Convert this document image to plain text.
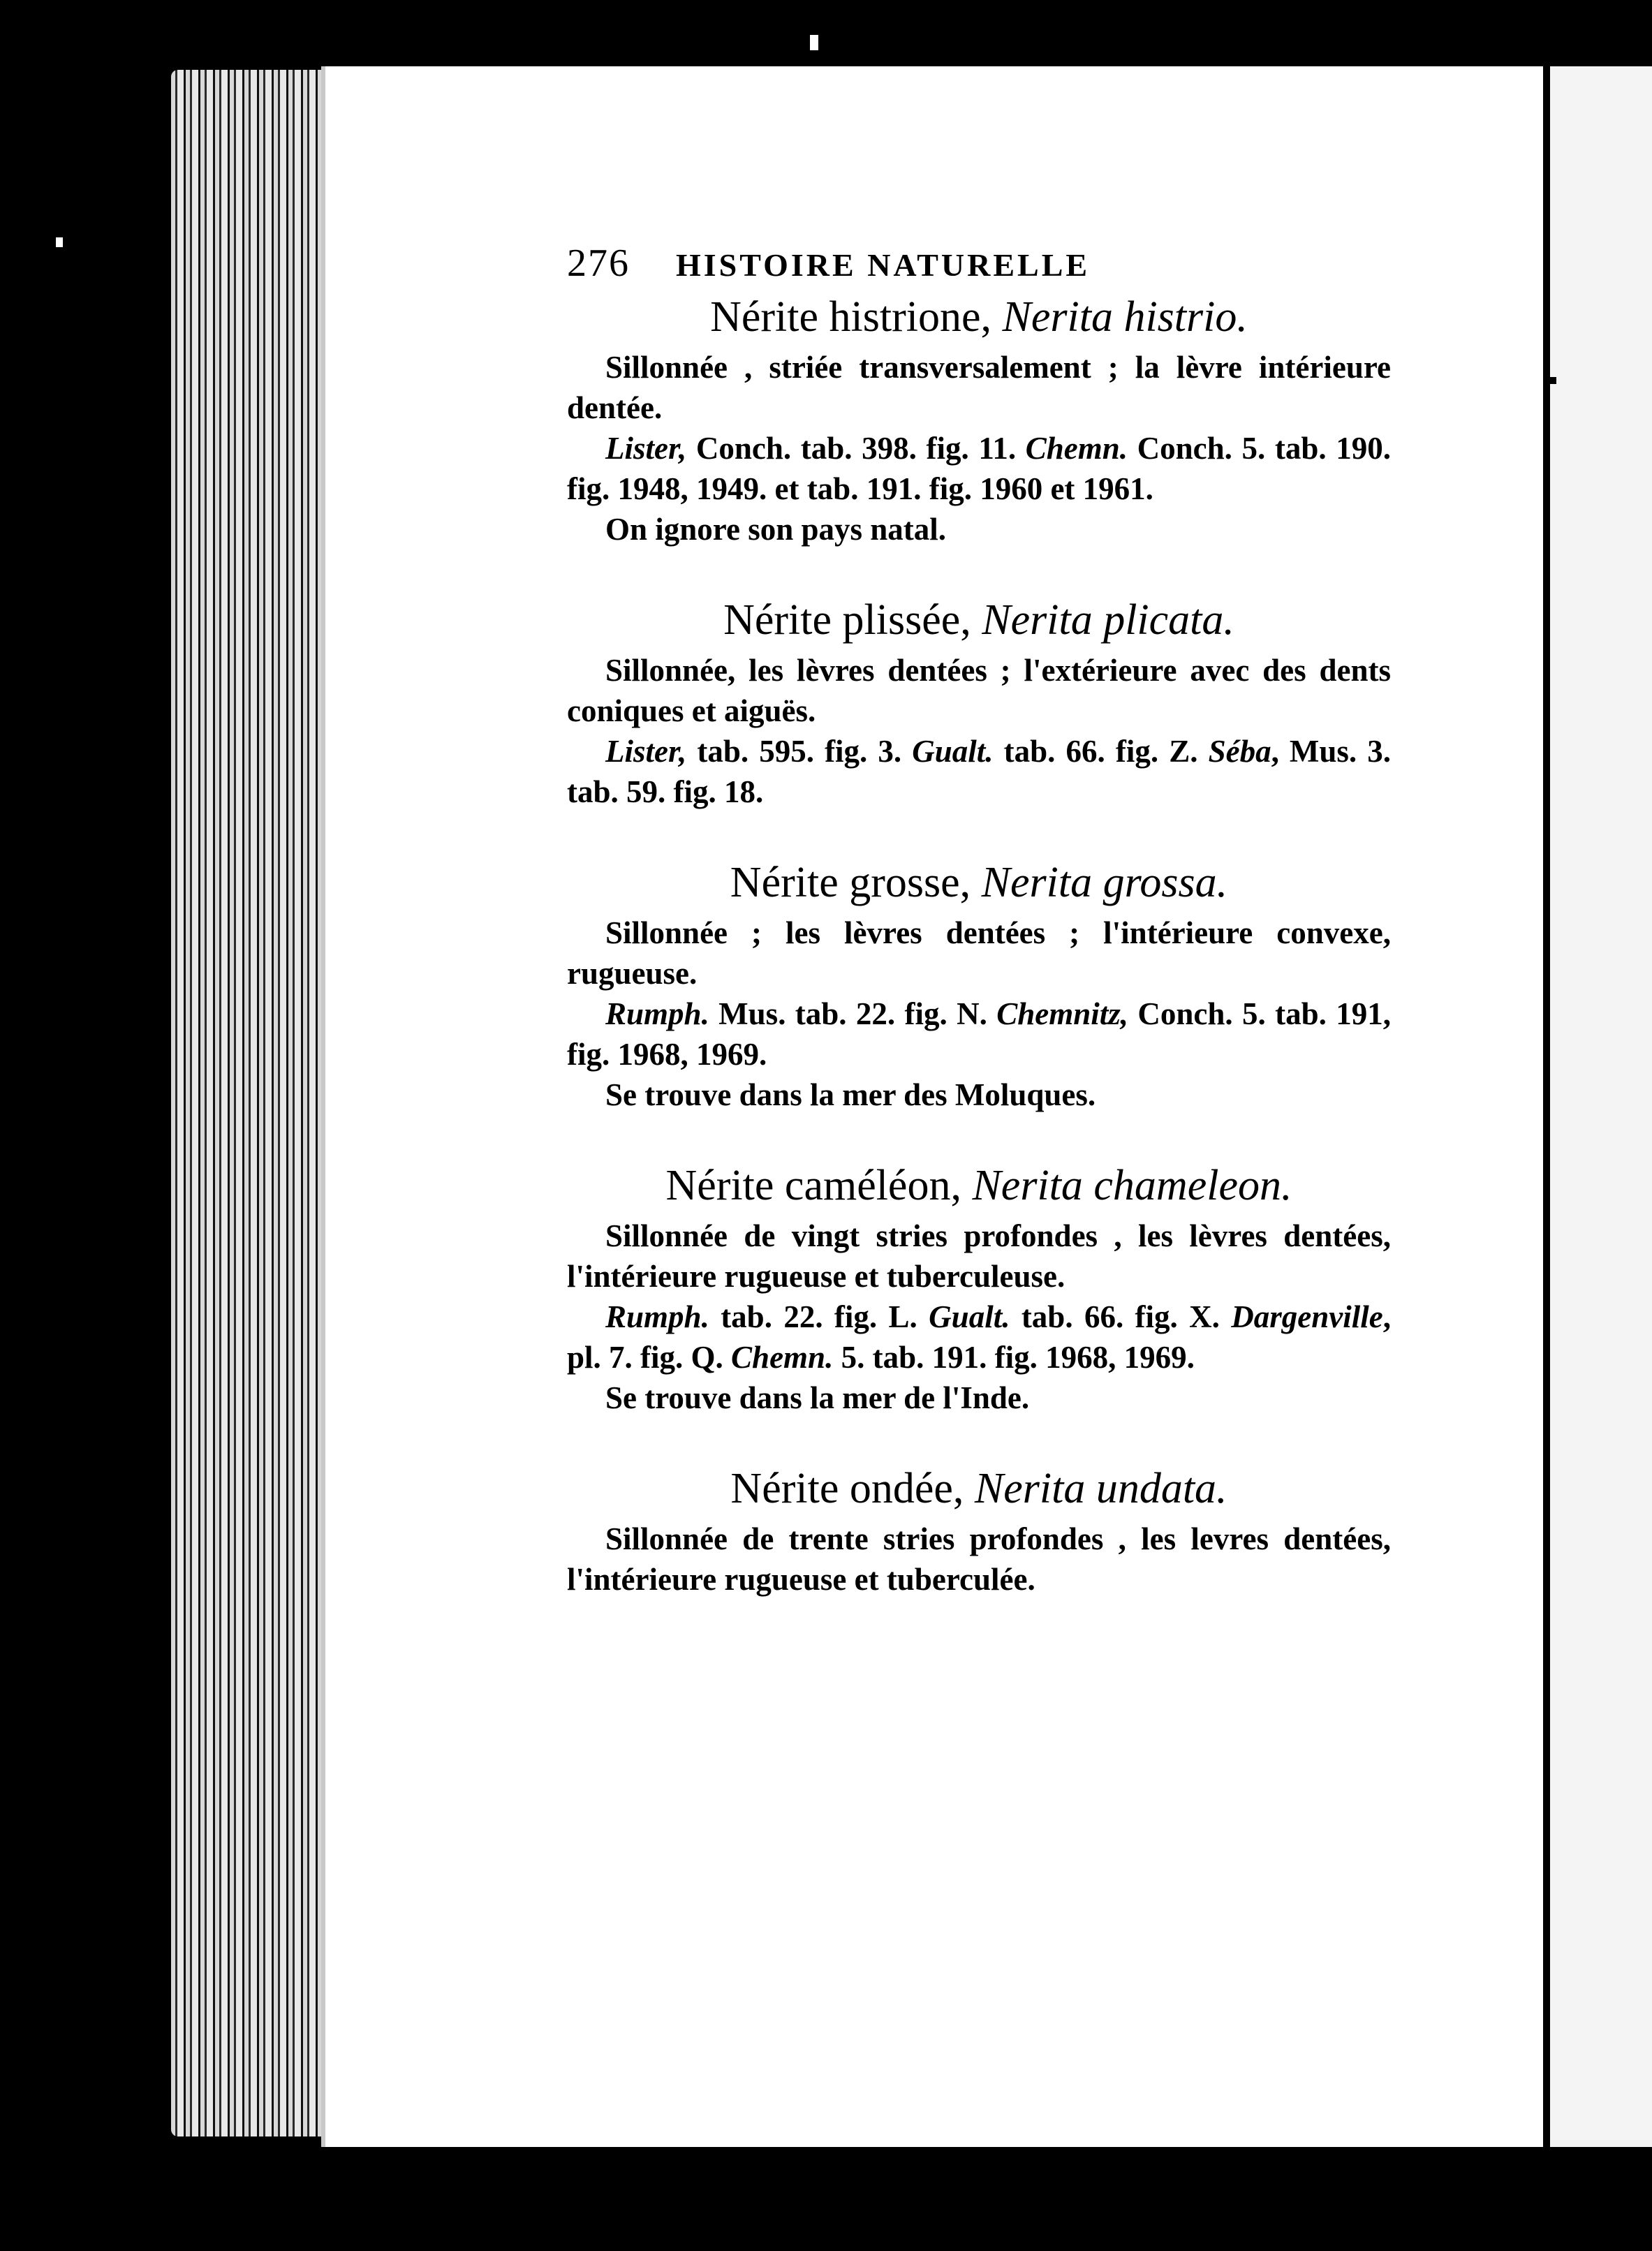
276	HISTOIRE NATURELLE
Nérite histrione, Nerita histrio.

Sillonnée , striée transversalement ; la lèvre intérieure dentée.

Lister, Conch. tab. 398. fig. 11. Chemn. Conch. 5. tab. 190. fig. 1948, 1949. et tab. 191. fig. 1960 et 1961.

On ignore son pays natal.

Nérite plissée, Nerita plicata.

Sillonnée, les lèvres dentées ; l'extérieure avec des dents coniques et aiguës.

Lister, tab. 595. fig. 3. Gualt. tab. 66. fig. Z. Séba, Mus. 3. tab. 59. fig. 18.

Nérite grosse, Nerita grossa.

Sillonnée ; les lèvres dentées ; l'intérieure convexe, rugueuse.

Rumph. Mus. tab. 22. fig. N. Chemnitz, Conch. 5. tab. 191, fig. 1968, 1969.

Se trouve dans la mer des Moluques.

Nérite caméléon, Nerita chameleon.

Sillonnée de vingt stries profondes , les lèvres dentées, l'intérieure rugueuse et tuberculeuse.

Rumph. tab. 22. fig. L. Gualt. tab. 66. fig. X. Dargenville, pl. 7. fig. Q. Chemn. 5. tab. 191. fig. 1968, 1969.

Se trouve dans la mer de l'Inde.

Nérite ondée, Nerita undata.

Sillonnée de trente stries profondes , les levres dentées, l'intérieure rugueuse et tuberculée.
